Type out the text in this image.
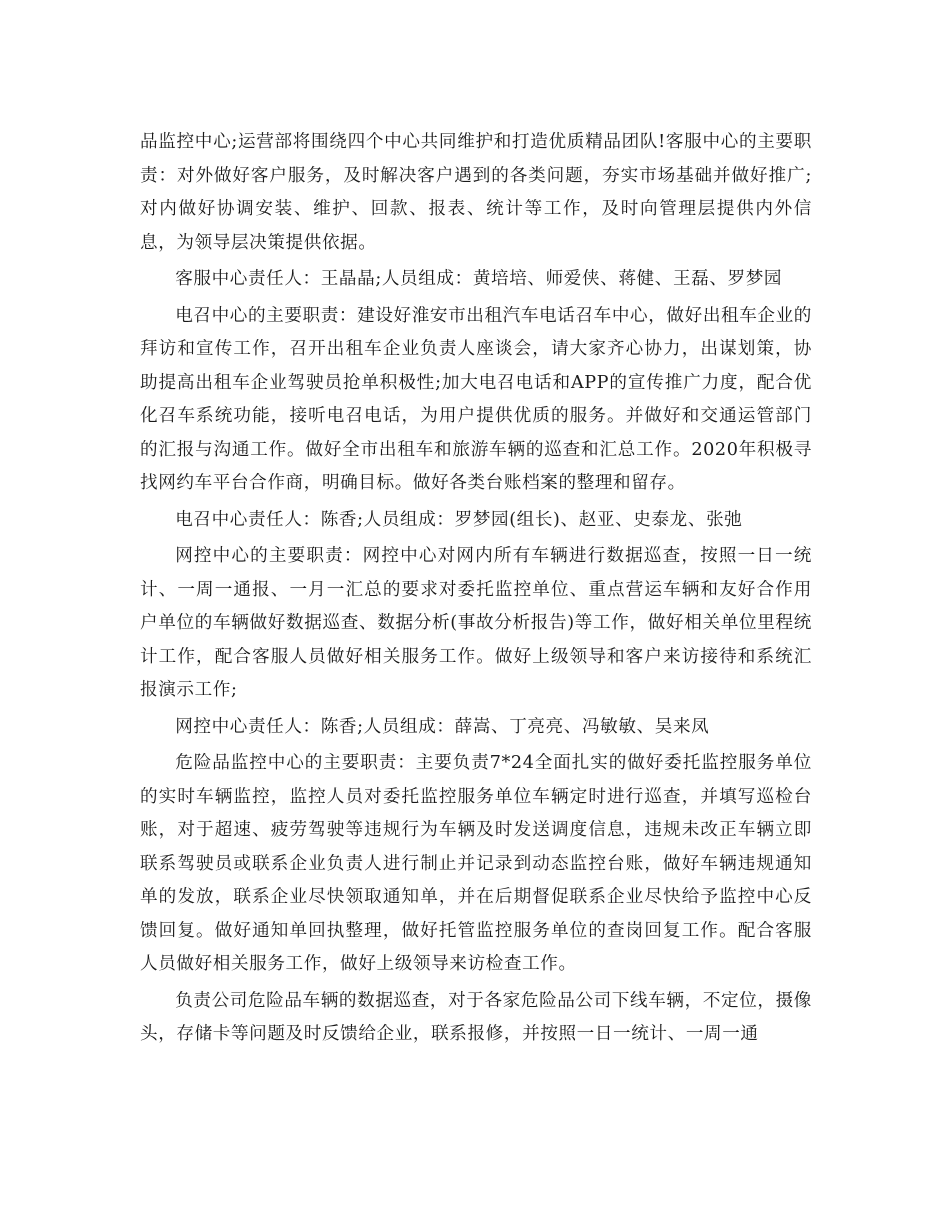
品监控中心;运营部将围绕四个中心共同维护和打造优质精品团队!客服中心的主要职责：对外做好客户服务，及时解决客户遇到的各类问题，夯实市场基础并做好推广;对内做好协调安装、维护、回款、报表、统计等工作，及时向管理层提供内外信息，为领导层决策提供依据。

客服中心责任人：王晶晶;人员组成：黄培培、师爱侠、蒋健、王磊、罗梦园

电召中心的主要职责：建设好淮安市出租汽车电话召车中心，做好出租车企业的拜访和宣传工作，召开出租车企业负责人座谈会，请大家齐心协力，出谋划策，协助提高出租车企业驾驶员抢单积极性;加大电召电话和APP的宣传推广力度，配合优化召车系统功能，接听电召电话，为用户提供优质的服务。并做好和交通运管部门的汇报与沟通工作。做好全市出租车和旅游车辆的巡查和汇总工作。2020年积极寻找网约车平台合作商，明确目标。做好各类台账档案的整理和留存。

电召中心责任人：陈香;人员组成：罗梦园(组长)、赵亚、史泰龙、张弛

网控中心的主要职责：网控中心对网内所有车辆进行数据巡查，按照一日一统计、一周一通报、一月一汇总的要求对委托监控单位、重点营运车辆和友好合作用户单位的车辆做好数据巡查、数据分析(事故分析报告)等工作，做好相关单位里程统计工作，配合客服人员做好相关服务工作。做好上级领导和客户来访接待和系统汇报演示工作;

网控中心责任人：陈香;人员组成：薛嵩、丁亮亮、冯敏敏、吴来凤

危险品监控中心的主要职责：主要负责7*24全面扎实的做好委托监控服务单位的实时车辆监控，监控人员对委托监控服务单位车辆定时进行巡查，并填写巡检台账，对于超速、疲劳驾驶等违规行为车辆及时发送调度信息，违规未改正车辆立即联系驾驶员或联系企业负责人进行制止并记录到动态监控台账，做好车辆违规通知单的发放，联系企业尽快领取通知单，并在后期督促联系企业尽快给予监控中心反馈回复。做好通知单回执整理，做好托管监控服务单位的查岗回复工作。配合客服人员做好相关服务工作，做好上级领导来访检查工作。

负责公司危险品车辆的数据巡查，对于各家危险品公司下线车辆，不定位，摄像头，存储卡等问题及时反馈给企业，联系报修，并按照一日一统计、一周一通
